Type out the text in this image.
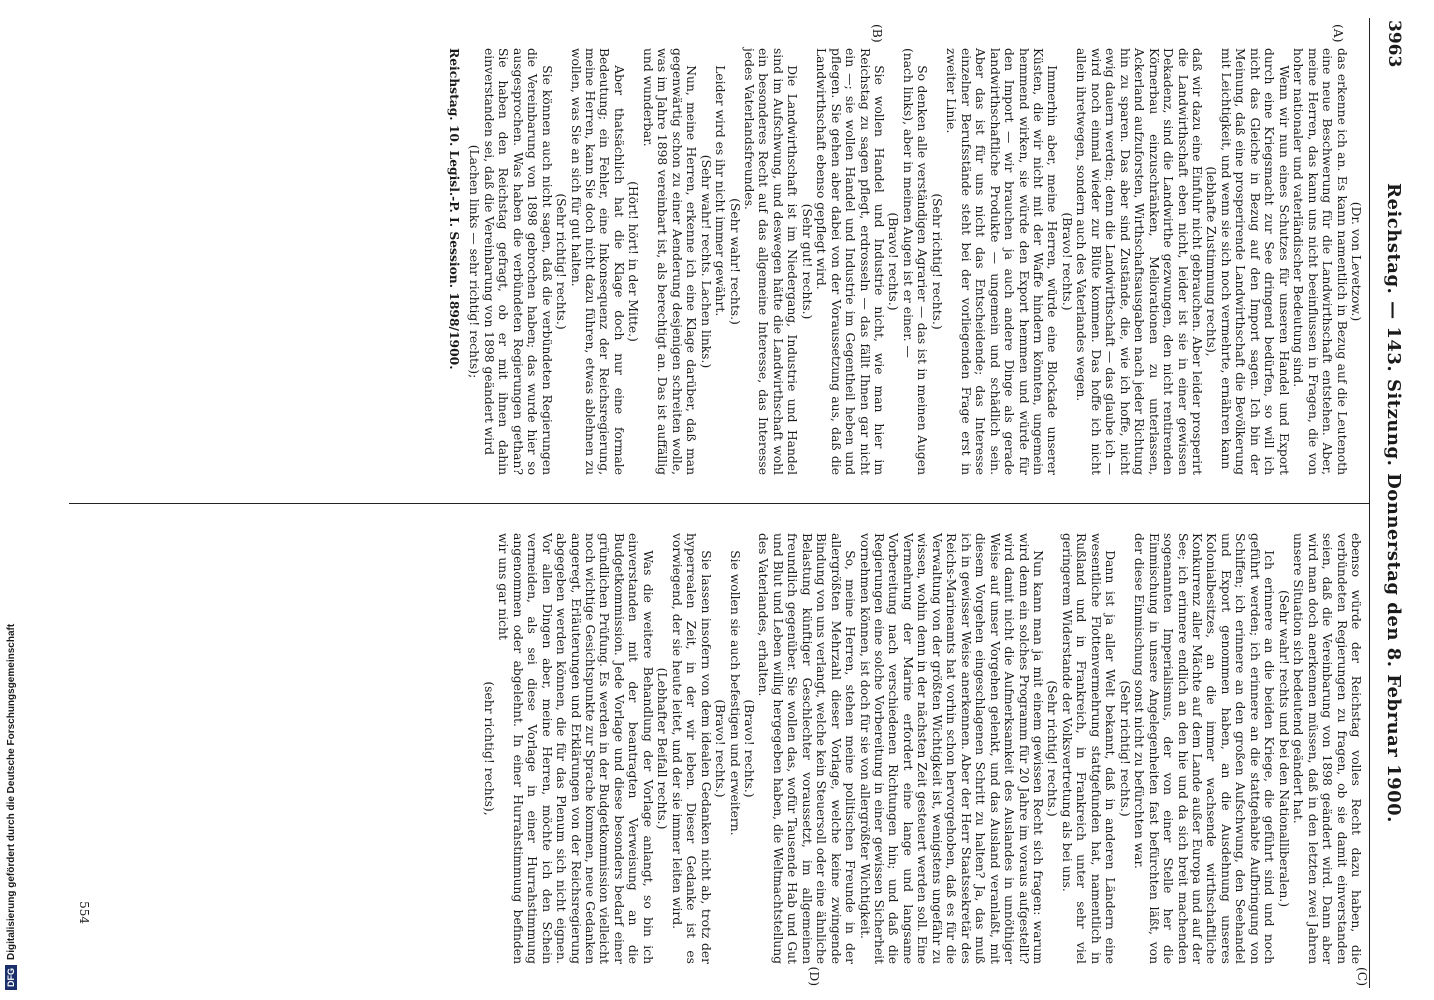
DFGDigitalisierung gefördert durch die Deutsche Forschungsgemeinschaft
3963
Reichstag. — 143. Sitzung. Donnerstag den 8. Februar 1900.
(A)
(B)

(Dr. von Levetzow.)

das erkenne ich an. Es kann namentlich in Bezug auf die Leutenoth eine neue Beschwerung für die Landwirthschaft entstehen. Aber, meine Herren, das kann uns nicht beeinflussen in Fragen, die von hoher nationaler und vaterländischer Bedeutung sind.

Wenn wir nun eines Schutzes für unseren Handel und Export durch eine Kriegsmacht zur See dringend bedürfen, so will ich nicht das Gleiche in Bezug auf den Import sagen. Ich bin der Meinung, daß eine prosperirende Landwirthschaft die Bevölkerung mit Leichtigkeit, und wenn sie sich noch vermehrte, ernähren kann

(lebhafte Zustimmung rechts),

daß wir dazu eine Einfuhr nicht gebrauchen. Aber leider prosperirt die Landwirthschaft eben nicht, leider ist sie in einer gewissen Dekadenz, sind die Landwirthe gezwungen, den nicht rentirenden Körnerbau einzuschränken, Meliorationen zu unterlassen, Ackerland aufzuforsten, Wirthschaftsausgaben nach jeder Richtung hin zu sparen. Das aber sind Zustände, die, wie ich hoffe, nicht ewig dauern werden; denn die Landwirthschaft — das glaube ich — wird noch einmal wieder zur Blüte kommen. Das hoffe ich nicht allein ihretwegen, sondern auch des Vaterlandes wegen.

(Bravo! rechts.)

Immerhin aber, meine Herren, würde eine Blockade unserer Küsten, die wir nicht mit der Waffe hindern könnten, ungemein hemmend wirken, sie würde den Export hemmen und würde für den Import — wir brauchen ja auch andere Dinge als gerade landwirthschaftliche Produkte — ungemein und schädlich sein. Aber das ist für uns nicht das Entscheidende; das Interesse einzelner Berufsstände steht bei der vorliegenden Frage erst in zweiter Linie.

(Sehr richtig! rechts.)

So denken alle verständigen Agrarier — das ist in meinen Augen (nach links), aber in meinen Augen ist er einer. —

(Bravo! rechts.)

Sie wollen Handel und Industrie nicht, wie man hier im Reichstag zu sagen pflegt, erdrosseln — das fällt Ihnen gar nicht ein —; sie wollen Handel und Industrie im Gegentheil heben und pflegen. Sie gehen aber dabei von der Voraussetzung aus, daß die Landwirthschaft ebenso gepflegt wird.

(Sehr gut! rechts.)

Die Landwirthschaft ist im Niedergang, Industrie und Handel sind im Aufschwung, und deswegen hätte die Landwirthschaft wohl ein besonderes Recht auf das allgemeine Interesse, das Interesse jedes Vaterlandsfreundes.

(Sehr wahr! rechts.)

Leider wird es ihr nicht immer gewährt.

(Sehr wahr! rechts. Lachen links.)

Nun, meine Herren, erkenne ich eine Klage darüber, daß man gegenwärtig schon zu einer Aenderung desjenigen schreiten wolle, was im Jahre 1898 vereinbart ist, als berechtigt an. Das ist auffällig und wunderbar.

(Hört! hört! in der Mitte.)

Aber thatsächlich hat die Klage doch nur eine formale Bedeutung; ein Fehler, eine Inkonsequenz der Reichsregierung, meine Herren, kann Sie doch nicht dazu führen, etwas ablehnen zu wollen, was Sie an sich für gut halten.

(Sehr richtig! rechts.)

Sie können auch nicht sagen, daß die verbündeten Regierungen die Vereinbarung von 1898 gebrochen haben; das wurde hier so ausgesprochen. Was haben die verbündeten Regierungen gethan? Sie haben den Reichstag gefragt, ob er mit ihnen dahin einverstanden sei, daß die Vereinbarung von 1898 geändert wird

(Lachen links — sehr richtig! rechts);

Reichstag. 10. Legisl.-P. I. Session. 1898/1900.

(C)
(D)

ebenso würde der Reichstag volles Recht dazu haben, die verbündeten Regierungen zu fragen, ob sie damit einverstanden seien, daß die Vereinbarung von 1898 geändert wird. Dann aber wird man doch anerkennen müssen, daß in den letzten zwei Jahren unsere Situation sich bedeutend geändert hat.

(Sehr wahr! rechts und bei den Nationalliberalen.)

Ich erinnere an die beiden Kriege, die geführt sind und noch geführt werden; ich erinnere an die stattgehabte Aufbringung von Schiffen; ich erinnere an den großen Aufschwung, den Seehandel und Export genommen haben, an die Ausdehnung unseres Kolonialbesitzes, an die immer wachsende wirthschaftliche Konkurrenz aller Mächte auf dem Lande außer Europa und auf der See; ich erinnere endlich an den hie und da sich breit machenden sogenannten Imperialismus, der von einer Stelle her die Einmischung in unsere Angelegenheiten fast befürchten läßt, von der diese Einmischung sonst nicht zu befürchten war.

(Sehr richtig! rechts.)

Dann ist ja aller Welt bekannt, daß in anderen Ländern eine wesentliche Flottenvermehrung stattgefunden hat, namentlich in Rußland und in Frankreich, in Frankreich unter sehr viel geringerem Widerstande der Volksvertretung als bei uns.

(Sehr richtig! rechts.)

Nun kann man ja mit einem gewissen Recht sich fragen: warum wird denn ein solches Programm für 20 Jahre im voraus aufgestellt? wird damit nicht die Aufmerksamkeit des Auslandes in unnöthiger Weise auf unser Vorgehen gelenkt, und das Ausland veranlaßt, mit diesem Vorgehen eingeschlagenen Schritt zu halten? Ja, das muß ich in gewisser Weise anerkennen. Aber der Herr Staatssekretär des Reichs-Marineamts hat vorhin schon hervorgehoben, daß es für die Verwaltung von der größten Wichtigkeit ist, wenigstens ungefähr zu wissen, wohin denn in der nächsten Zeit gesteuert werden soll. Eine Vermehrung der Marine erfordert eine lange und langsame Vorbereitung nach verschiedenen Richtungen hin; und daß die Regierungen eine solche Vorbereitung in einer gewissen Sicherheit vornehmen können, ist doch für sie von allergrößter Wichtigkeit.

So, meine Herren, stehen meine politischen Freunde in der allergrößten Mehrzahl dieser Vorlage, welche keine zwingende Bindung von uns verlangt, welche kein Steuersoll oder eine ähnliche Belastung künftiger Geschlechter voraussetzt, im allgemeinen freundlich gegenüber. Sie wollen das, wofür Tausende Hab und Gut und Blut und Leben willig hergegeben haben, die Weltmachtstellung des Vaterlandes, erhalten.

(Bravo! rechts.)

Sie wollen sie auch befestigen und erweitern.

(Bravo! rechts.)

Sie lassen insofern von dem idealen Gedanken nicht ab, trotz der hyperrealen Zeit, in der wir leben. Dieser Gedanke ist es vorwiegend, der sie heute leitet, und der sie immer leiten wird.

(Lebhafter Beifall rechts.)

Was die weitere Behandlung der Vorlage anlangt, so bin ich einverstanden mit der beantragten Verweisung an die Budgetkommission. Jede Vorlage und diese besonders bedarf einer gründlichen Prüfung. Es werden in der Budgetkommission vielleicht noch wichtige Gesichtspunkte zur Sprache kommen, neue Gedanken angeregt, Erläuterungen und Erklärungen von der Reichsregierung abgegeben werden können, die für das Plenum sich nicht eignen. Vor allen Dingen aber, meine Herren, möchte ich den Schein vermeiden, als sei diese Vorlage in einer Hurrahstimmung angenommen oder abgelehnt. In einer Hurrahstimmung befinden wir uns gar nicht

(sehr richtig! rechts),

554
